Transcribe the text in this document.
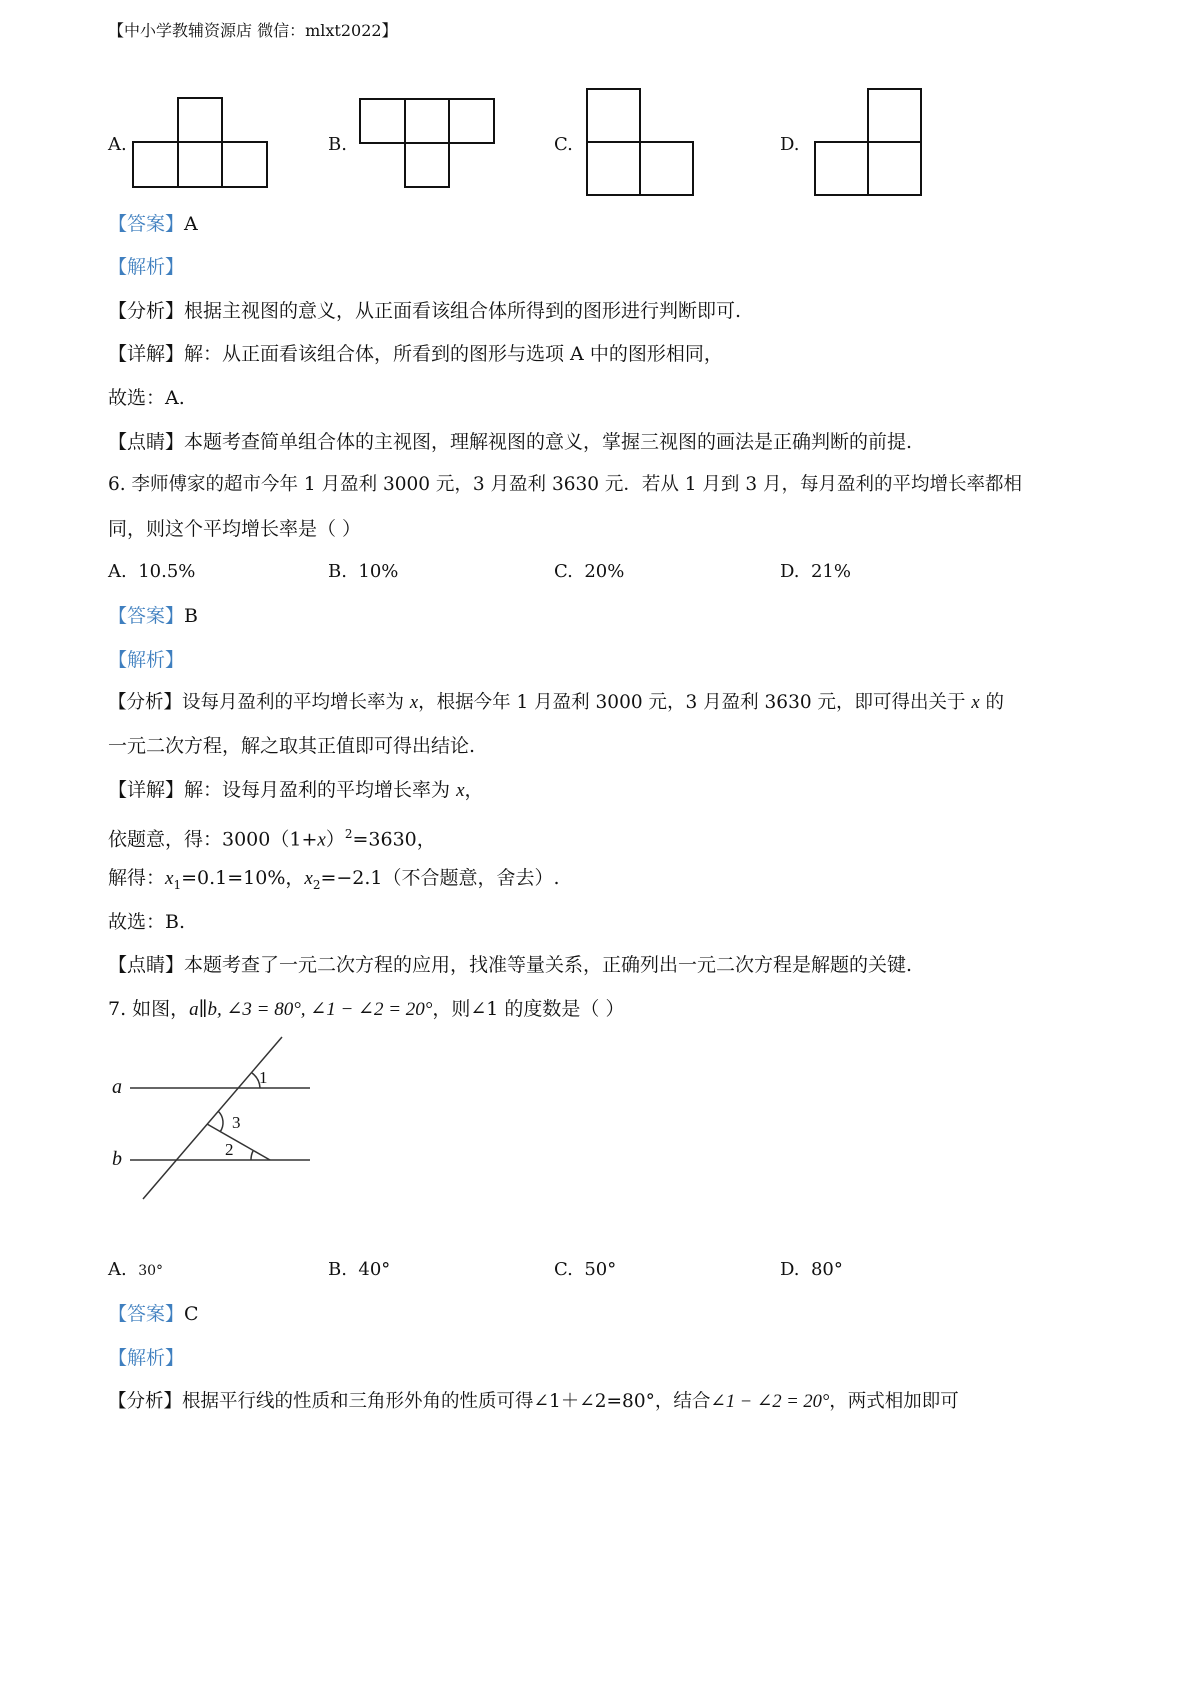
【中小学教辅资源店 微信：mlxt2022】
A.	B.	C.	D.
【答案】A
【解析】
【分析】根据主视图的意义，从正面看该组合体所得到的图形进行判断即可.
【详解】解：从正面看该组合体，所看到的图形与选项 A 中的图形相同，
故选：A.
【点睛】本题考查简单组合体的主视图，理解视图的意义，掌握三视图的画法是正确判断的前提.
6. 李师傅家的超市今年 1 月盈利 3000 元，3 月盈利 3630 元．若从 1 月到 3 月，每月盈利的平均增长率都相
同，则这个平均增长率是（ ）
A. 10.5%	B. 10%	C. 20%	D. 21%
【答案】B
【解析】
【分析】设每月盈利的平均增长率为 x，根据今年 1 月盈利 3000 元，3 月盈利 3630 元，即可得出关于 x 的
一元二次方程，解之取其正值即可得出结论.
【详解】解：设每月盈利的平均增长率为 x，
依题意，得：$3000(1+x)^2=3630$，
解得：$x_1=0.1=10\%$，$x_2=-2.1$（不合题意，舍去）.
故选：B.
【点睛】本题考查了一元二次方程的应用，找准等量关系，正确列出一元二次方程是解题的关键.
7. 如图，a∥b, ∠3 = 80°, ∠1 − ∠2 = 20°，则∠1 的度数是（ ）
a
b
1
3
2
A. 30°	B. 40°	C. 50°	D. 80°
【答案】C
【解析】
【分析】根据平行线的性质和三角形外角的性质可得∠1＋∠2=80°，结合∠1 − ∠2 = 20°，两式相加即可
